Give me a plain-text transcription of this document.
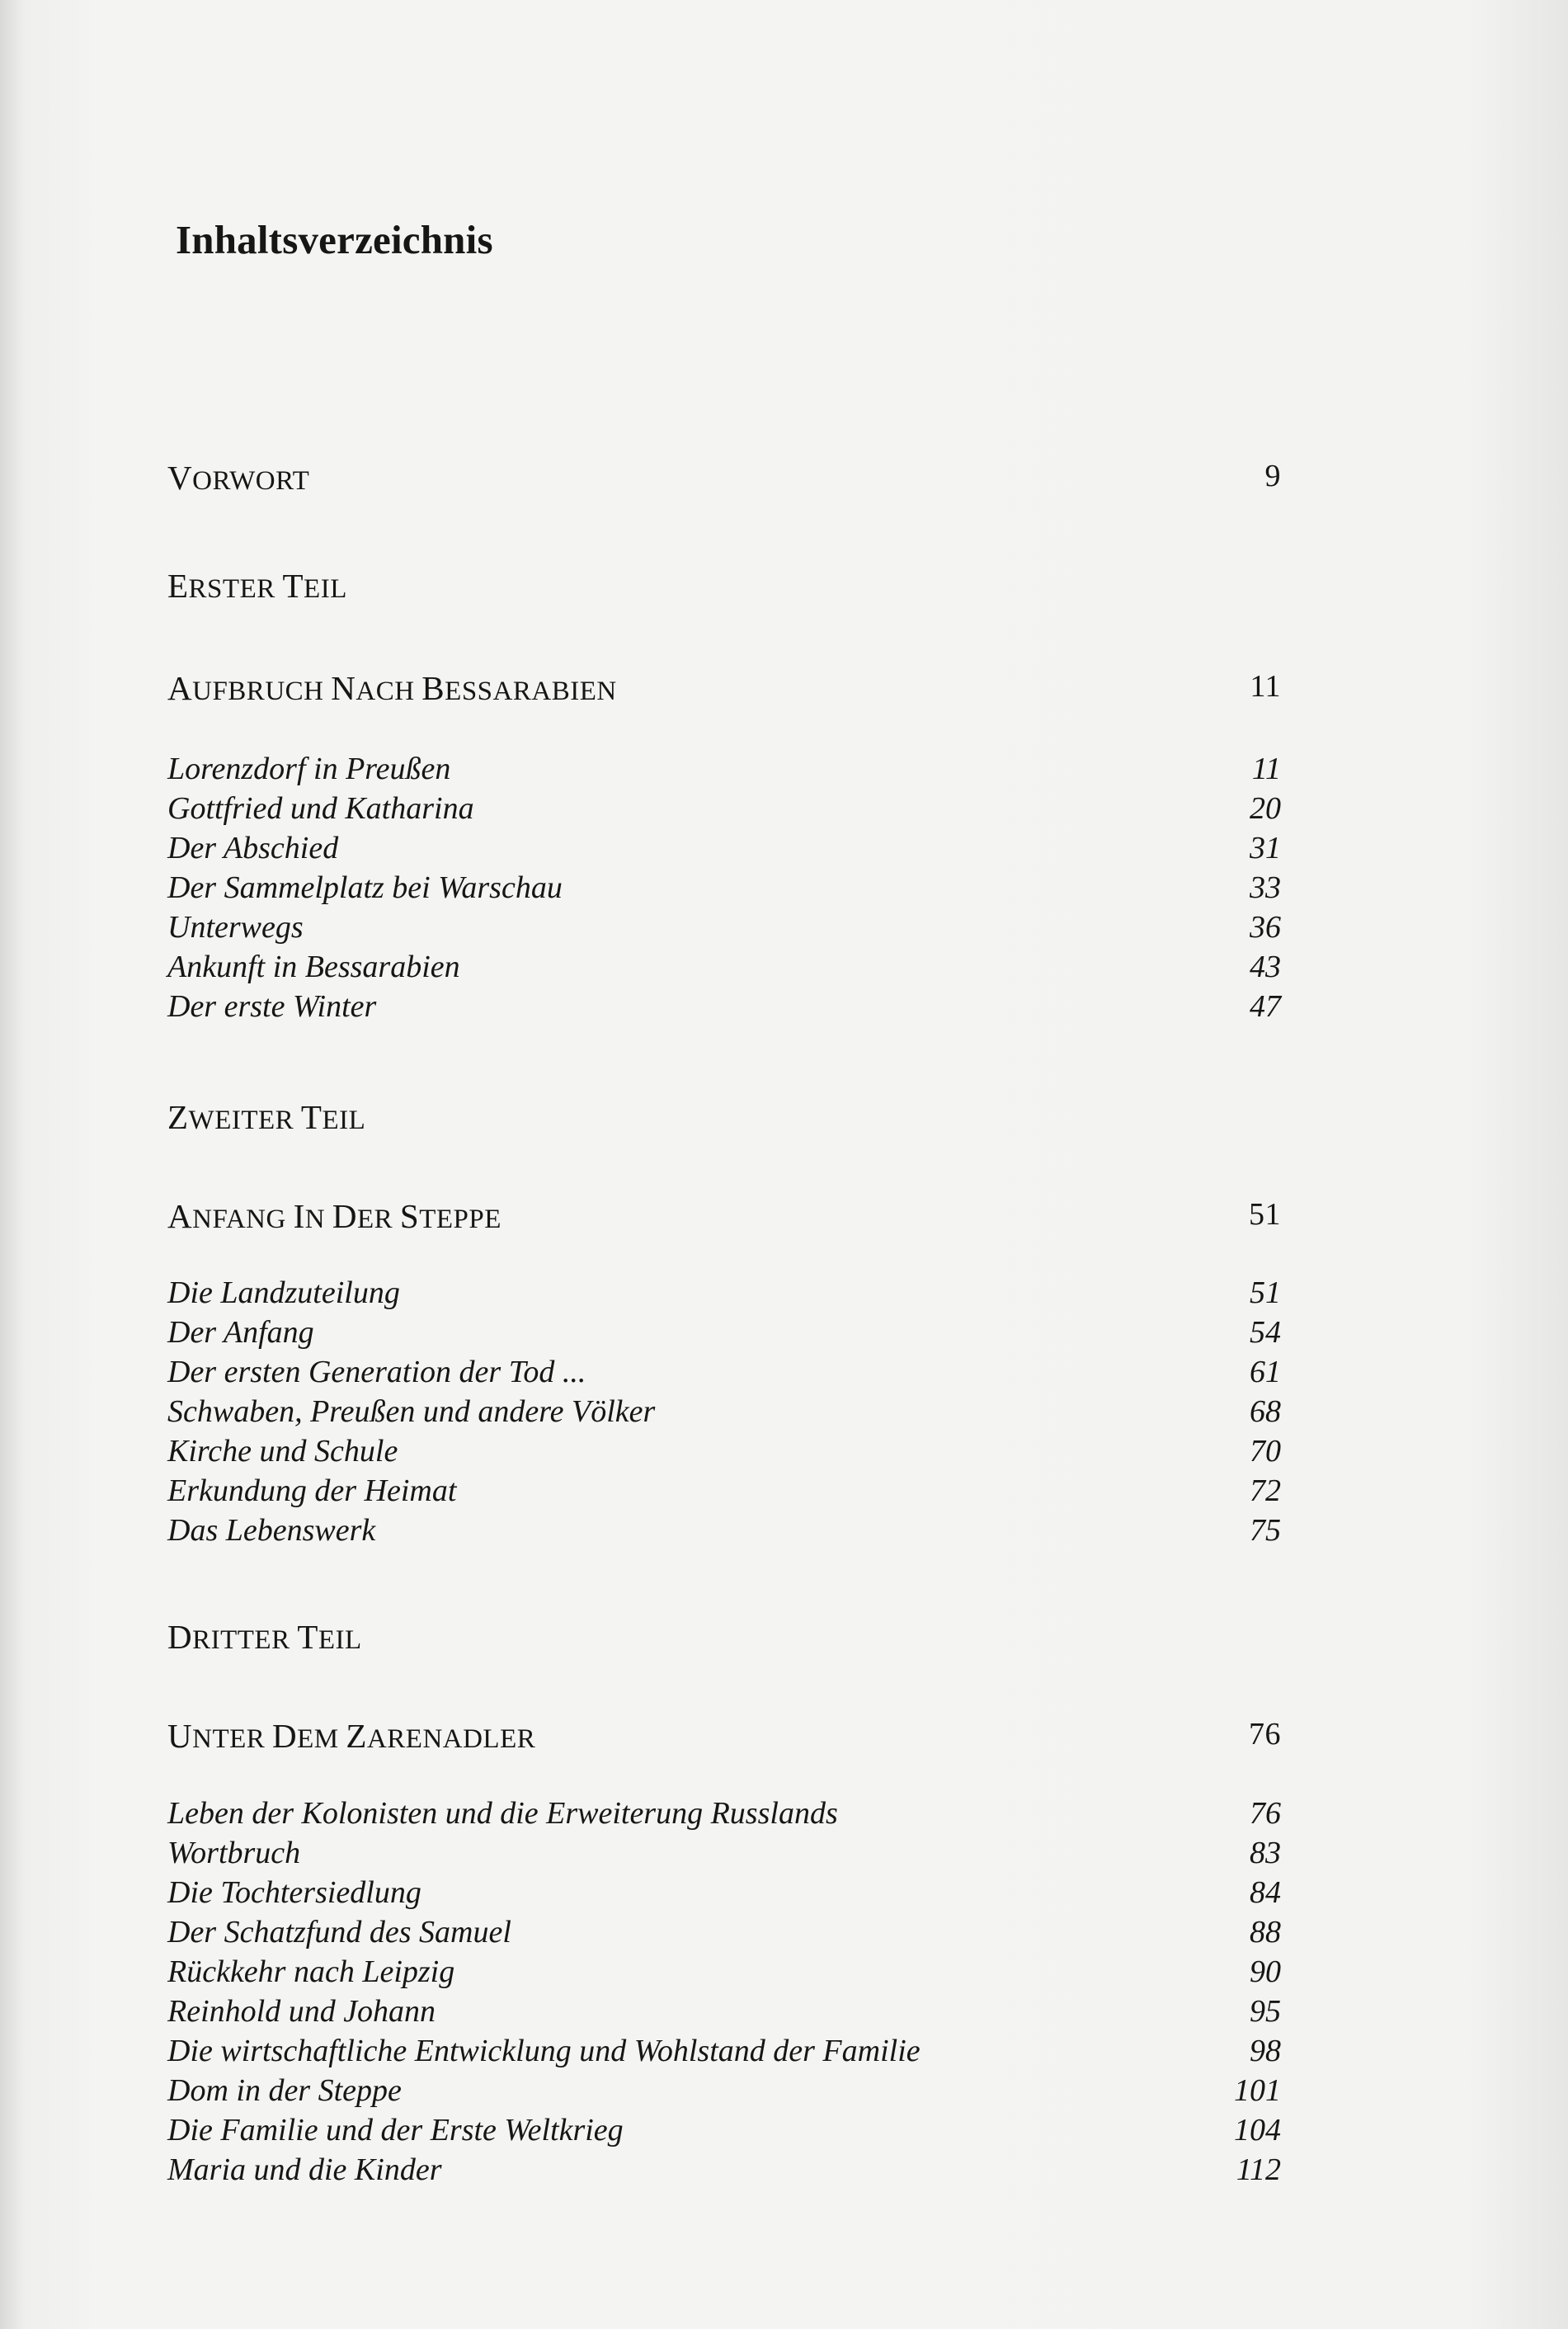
Inhaltsverzeichnis
VORWORT	9
ERSTER TEIL
AUFBRUCH NACH BESSARABIEN	11
Lorenzdorf in Preußen	11
Gottfried und Katharina	20
Der Abschied	31
Der Sammelplatz bei Warschau	33
Unterwegs	36
Ankunft in Bessarabien	43
Der erste Winter	47
ZWEITER TEIL
ANFANG IN DER STEPPE	51
Die Landzuteilung	51
Der Anfang	54
Der ersten Generation der Tod ...	61
Schwaben, Preußen und andere Völker	68
Kirche und Schule	70
Erkundung der Heimat	72
Das Lebenswerk	75
DRITTER TEIL
UNTER DEM ZARENADLER	76
Leben der Kolonisten und die Erweiterung Russlands	76
Wortbruch	83
Die Tochtersiedlung	84
Der Schatzfund des Samuel	88
Rückkehr nach Leipzig	90
Reinhold und Johann	95
Die wirtschaftliche Entwicklung und Wohlstand der Familie	98
Dom in der Steppe	101
Die Familie und der Erste Weltkrieg	104
Maria und die Kinder	112
